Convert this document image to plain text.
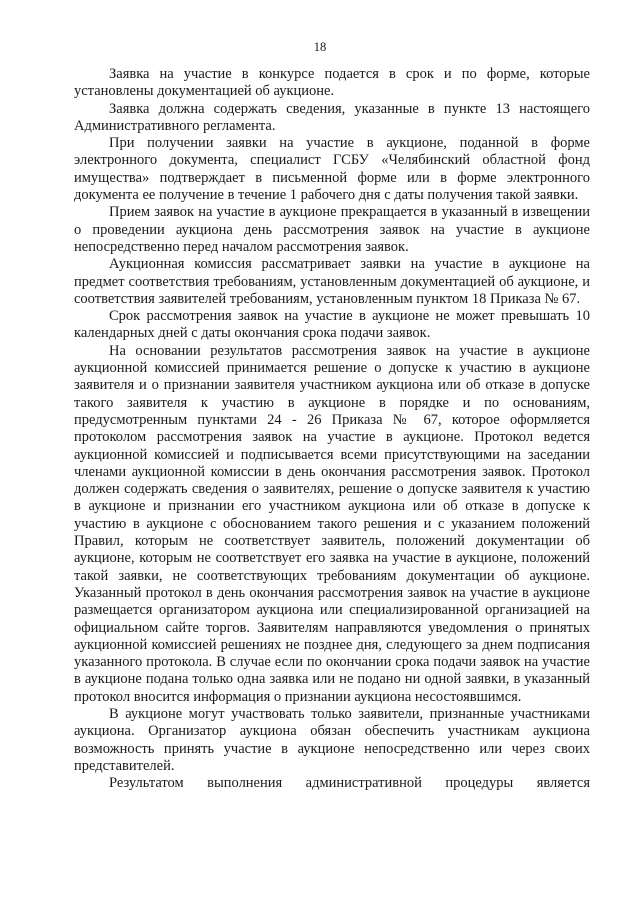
18

Заявка на участие в конкурсе подается в срок и по форме, которые установлены документацией об аукционе.

Заявка должна содержать сведения, указанные в пункте 13 настоящего Административного регламента.

При получении заявки на участие в аукционе, поданной в форме электронного документа, специалист ГСБУ «Челябинский областной фонд имущества» подтверждает в письменной форме или в форме электронного документа ее получение в течение 1 рабочего дня с даты получения такой заявки.

Прием заявок на участие в аукционе прекращается в указанный в извещении о проведении аукциона день рассмотрения заявок на участие в аукционе непосредственно перед началом рассмотрения заявок.

Аукционная комиссия рассматривает заявки на участие в аукционе на предмет соответствия требованиям, установленным документацией об аукционе, и соответствия заявителей требованиям, установленным пунктом 18 Приказа № 67.

Срок рассмотрения заявок на участие в аукционе не может превышать 10 календарных дней с даты окончания срока подачи заявок.

На основании результатов рассмотрения заявок на участие в аукционе аукционной комиссией принимается решение о допуске к участию в аукционе заявителя и о признании заявителя участником аукциона или об отказе в допуске такого заявителя к участию в аукционе в порядке и по основаниям, предусмотренным пунктами 24 - 26 Приказа № 67, которое оформляется протоколом рассмотрения заявок на участие в аукционе. Протокол ведется аукционной комиссией и подписывается всеми присутствующими на заседании членами аукционной комиссии в день окончания рассмотрения заявок. Протокол должен содержать сведения о заявителях, решение о допуске заявителя к участию в аукционе и признании его участником аукциона или об отказе в допуске к участию в аукционе с обоснованием такого решения и с указанием положений Правил, которым не соответствует заявитель, положений документации об аукционе, которым не соответствует его заявка на участие в аукционе, положений такой заявки, не соответствующих требованиям документации об аукционе. Указанный протокол в день окончания рассмотрения заявок на участие в аукционе размещается организатором аукциона или специализированной организацией на официальном сайте торгов. Заявителям направляются уведомления о принятых аукционной комиссией решениях не позднее дня, следующего за днем подписания указанного протокола. В случае если по окончании срока подачи заявок на участие в аукционе подана только одна заявка или не подано ни одной заявки, в указанный протокол вносится информация о признании аукциона несостоявшимся.

В аукционе могут участвовать только заявители, признанные участниками аукциона. Организатор аукциона обязан обеспечить участникам аукциона возможность принять участие в аукционе непосредственно или через своих представителей.

Результатом выполнения административной процедуры является
